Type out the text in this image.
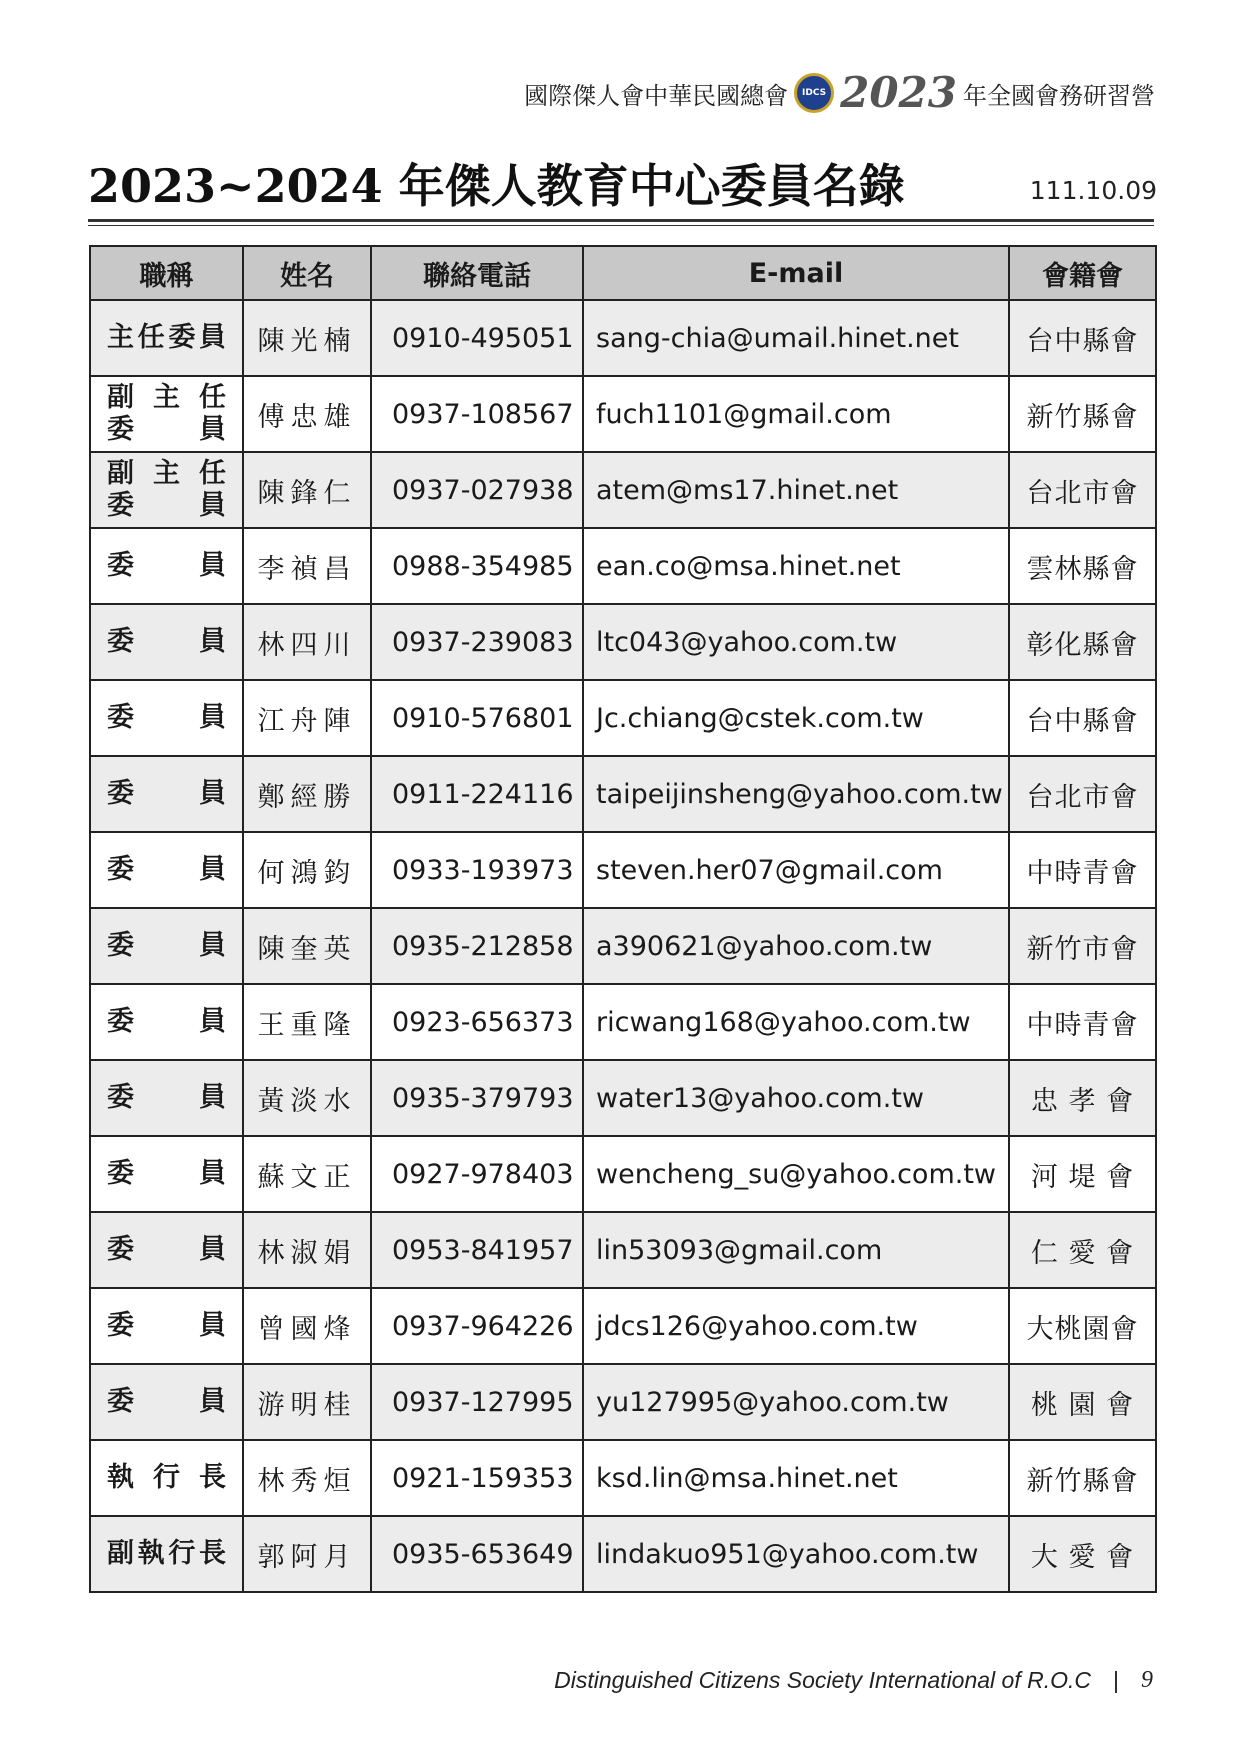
國際傑人會中華民國總會 IDCS 2023 年全國會務研習營
2023~2024 年傑人教育中心委員名錄	111.10.09
職稱	姓名	聯絡電話	E-mail	會籍會

主 任 委 員	陳光楠	0910-495051	sang-chia@umail.hinet.net	台中縣會

副 主 任
委 員	傅忠雄	0937-108567	fuch1101@gmail.com	新竹縣會

副 主 任
委 員	陳鋒仁	0937-027938	atem@ms17.hinet.net	台北市會

委 員	李禎昌	0988-354985	ean.co@msa.hinet.net	雲林縣會

委 員	林四川	0937-239083	ltc043@yahoo.com.tw	彰化縣會

委 員	江舟陣	0910-576801	Jc.chiang@cstek.com.tw	台中縣會

委 員	鄭經勝	0911-224116	taipeijinsheng@yahoo.com.tw	台北市會

委 員	何鴻鈞	0933-193973	steven.her07@gmail.com	中時青會

委 員	陳奎英	0935-212858	a390621@yahoo.com.tw	新竹市會

委 員	王重隆	0923-656373	ricwang168@yahoo.com.tw	中時青會

委 員	黃淡水	0935-379793	water13@yahoo.com.tw	忠 孝 會

委 員	蘇文正	0927-978403	wencheng_su@yahoo.com.tw	河 堤 會

委 員	林淑娟	0953-841957	lin53093@gmail.com	仁 愛 會

委 員	曾國烽	0937-964226	jdcs126@yahoo.com.tw	大桃園會

委 員	游明桂	0937-127995	yu127995@yahoo.com.tw	桃 園 會

執 行 長	林秀烜	0921-159353	ksd.lin@msa.hinet.net	新竹縣會

副 執 行 長	郭阿月	0935-653649	lindakuo951@yahoo.com.tw	大 愛 會
Distinguished Citizens Society International of R.O.C | 9
